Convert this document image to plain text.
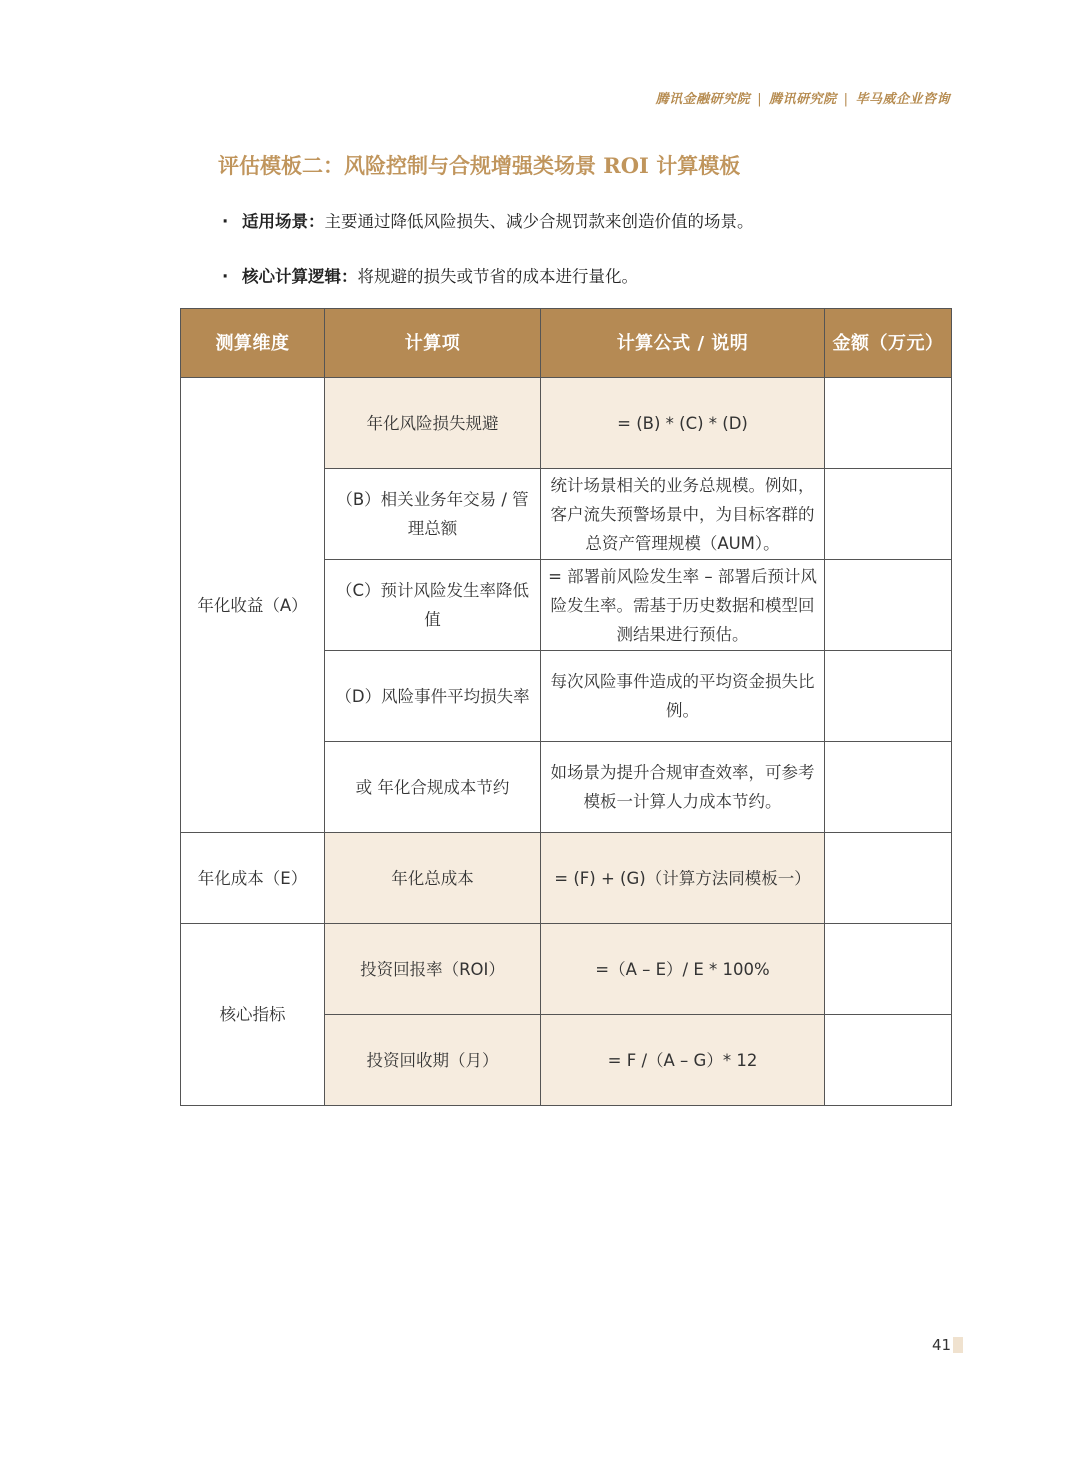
腾讯金融研究院 | 腾讯研究院 | 毕马威企业咨询
评估模板二：风险控制与合规增强类场景 ROI 计算模板
· 适用场景：主要通过降低风险损失、减少合规罚款来创造价值的场景。
· 核心计算逻辑：将规避的损失或节省的成本进行量化。
测算维度	计算项	计算公式 / 说明	金额（万元）
年化收益（A）	年化风险损失规避	= (B) * (C) * (D)	
	（B）相关业务年交易 / 管理总额	统计场景相关的业务总规模。例如，客户流失预警场景中，为目标客群的总资产管理规模（AUM）。	
	（C）预计风险发生率降低值	= 部署前风险发生率 – 部署后预计风险发生率。需基于历史数据和模型回测结果进行预估。	
	（D）风险事件平均损失率	每次风险事件造成的平均资金损失比例。	
	或 年化合规成本节约	如场景为提升合规审查效率，可参考模板一计算人力成本节约。	
年化成本（E）	年化总成本	= (F) + (G)（计算方法同模板一）	
核心指标	投资回报率（ROI）	=（A – E）/ E * 100%	
	投资回收期（月）	= F /（A – G）* 12	
41
